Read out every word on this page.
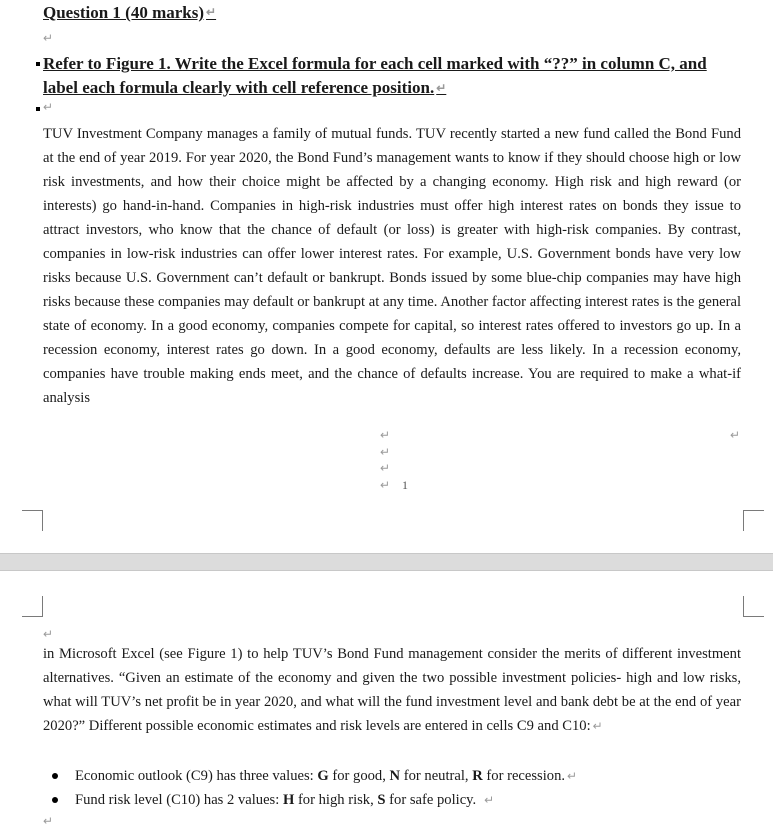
Question 1 (40 marks) ↵
↵
Refer to Figure 1. Write the Excel formula for each cell marked with “??” in column C, and label each formula clearly with cell reference position. ↵
↵
TUV Investment Company manages a family of mutual funds. TUV recently started a new fund called the Bond Fund at the end of year 2019. For year 2020, the Bond Fund’s management wants to know if they should choose high or low risk investments, and how their choice might be affected by a changing economy. High risk and high reward (or interests) go hand-in-hand. Companies in high-risk industries must offer high interest rates on bonds they issue to attract investors, who know that the chance of default (or loss) is greater with high-risk companies. By contrast, companies in low-risk industries can offer lower interest rates. For example, U.S. Government bonds have very low risks because U.S. Government can’t default or bankrupt. Bonds issued by some blue-chip companies may have high risks because these companies may default or bankrupt at any time. Another factor affecting interest rates is the general state of economy. In a good economy, companies compete for capital, so interest rates offered to investors go up. In a recession economy, interest rates go down. In a good economy, defaults are less likely. In a recession economy, companies have trouble making ends meet, and the chance of defaults increase. You are required to make a what-if analysis
↵	↵
↵
↵
↵ 1
↵
in Microsoft Excel (see Figure 1) to help TUV’s Bond Fund management consider the merits of different investment alternatives. “Given an estimate of the economy and given the two possible investment policies- high and low risks, what will TUV’s net profit be in year 2020, and what will the fund investment level and bank debt be at the end of year 2020?” Different possible economic estimates and risk levels are entered in cells C9 and C10: ↵
Economic outlook (C9) has three values: G for good, N for neutral, R for recession. ↵
Fund risk level (C10) has 2 values: H for high risk, S for safe policy. ↵
↵
